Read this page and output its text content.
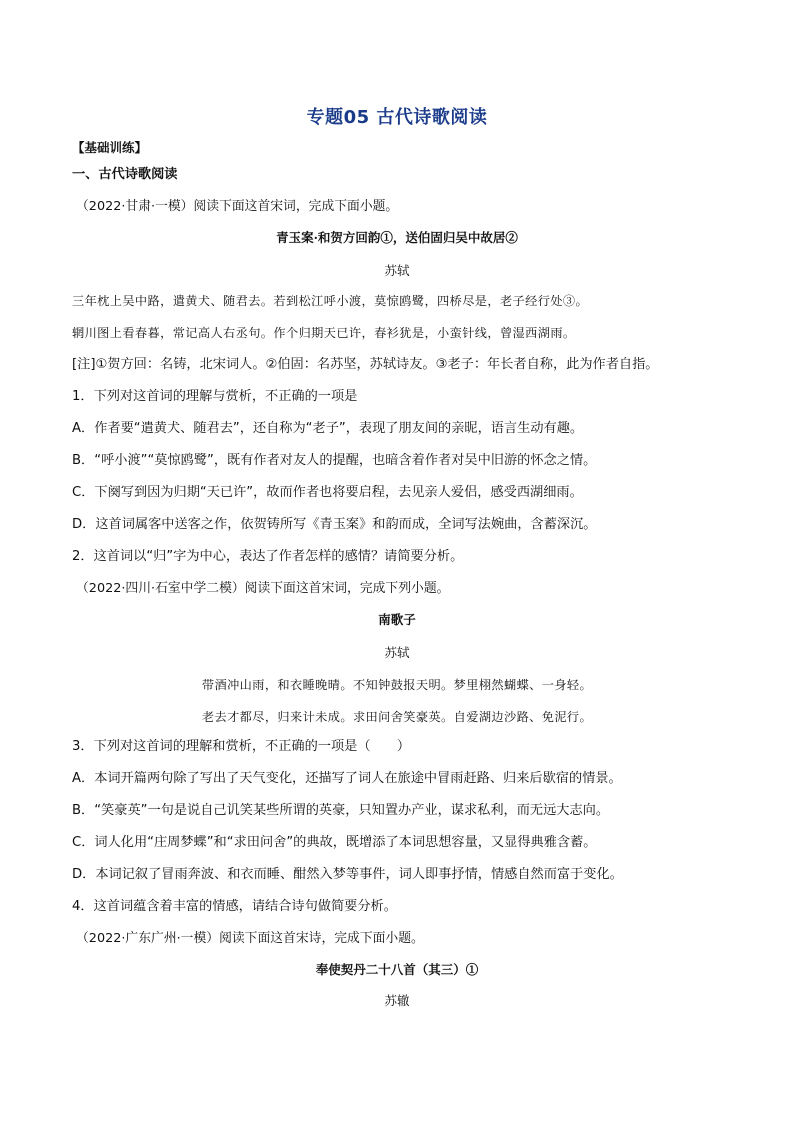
专题05 古代诗歌阅读
【基础训练】
一、古代诗歌阅读
（2022·甘肃·一模）阅读下面这首宋词，完成下面小题。
青玉案·和贺方回韵①，送伯固归吴中故居②
苏轼
三年枕上吴中路，遣黄犬、随君去。若到松江呼小渡，莫惊鸥鹭，四桥尽是，老子经行处③。
辋川图上看春暮，常记高人右丞句。作个归期天已许，春衫犹是，小蛮针线，曾湿西湖雨。
[注]①贺方回：名铸，北宋词人。②伯固：名苏坚，苏轼诗友。③老子：年长者自称，此为作者自指。
1．下列对这首词的理解与赏析，不正确的一项是
A．作者要“遣黄犬、随君去”，还自称为“老子”，表现了朋友间的亲昵，语言生动有趣。
B．“呼小渡”“莫惊鸥鹭”，既有作者对友人的提醒，也暗含着作者对吴中旧游的怀念之情。
C．下阕写到因为归期“天已许”，故而作者也将要启程，去见亲人爱侣，感受西湖细雨。
D．这首词属客中送客之作，依贺铸所写《青玉案》和韵而成，全词写法婉曲，含蓄深沉。
2．这首词以“归”字为中心，表达了作者怎样的感情？请简要分析。
（2022·四川·石室中学二模）阅读下面这首宋词，完成下列小题。
南歌子
苏轼
带酒冲山雨，和衣睡晚晴。不知钟鼓报天明。梦里栩然蝴蝶、一身轻。
老去才都尽，归来计未成。求田问舍笑豪英。自爱湖边沙路、免泥行。
3．下列对这首词的理解和赏析，不正确的一项是（　　）
A．本词开篇两句除了写出了天气变化，还描写了词人在旅途中冒雨赶路、归来后歇宿的情景。
B．“笑豪英”一句是说自己讥笑某些所谓的英豪，只知置办产业，谋求私利，而无远大志向。
C．词人化用“庄周梦蝶”和“求田问舍”的典故，既增添了本词思想容量，又显得典雅含蓄。
D．本词记叙了冒雨奔波、和衣而睡、酣然入梦等事件，词人即事抒情，情感自然而富于变化。
4．这首词蕴含着丰富的情感，请结合诗句做简要分析。
（2022·广东广州·一模）阅读下面这首宋诗，完成下面小题。
奉使契丹二十八首（其三）①
苏辙
